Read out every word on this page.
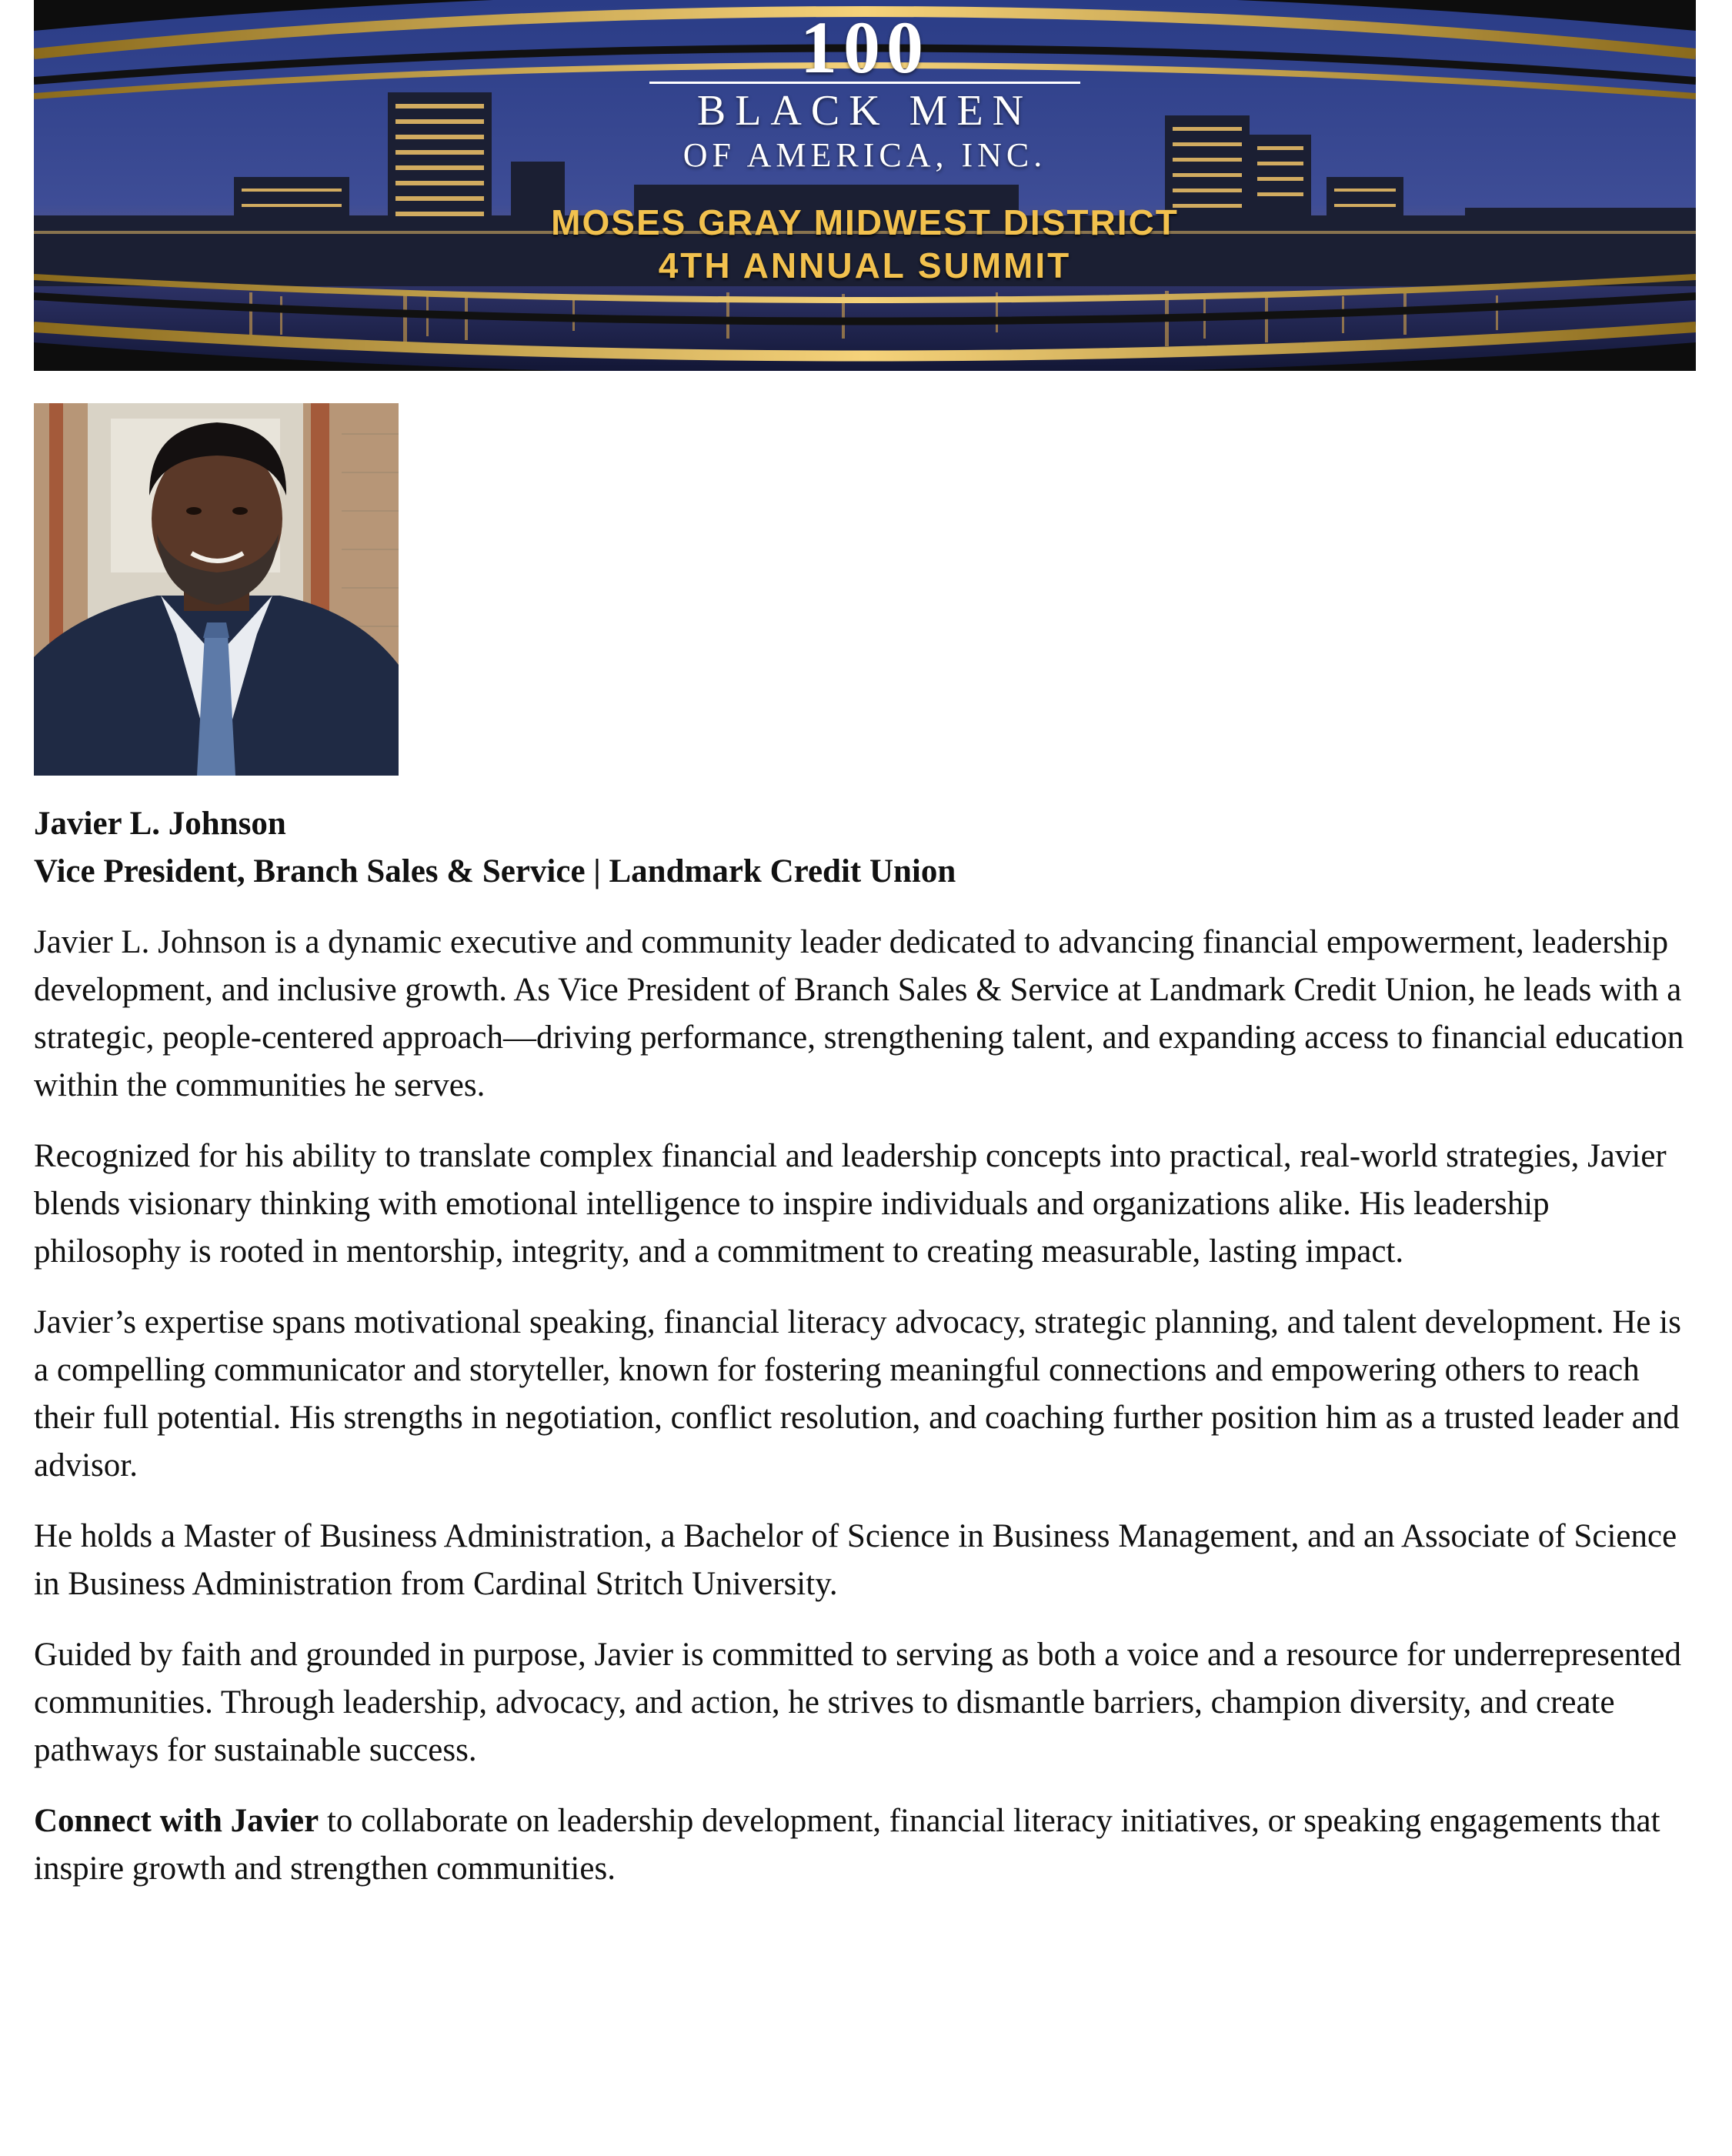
100
BLACK MEN
OF AMERICA, INC.
MOSES GRAY MIDWEST DISTRICT
4TH ANNUAL SUMMIT

Javier L. Johnson

Vice President, Branch Sales & Service | Landmark Credit Union

Javier L. Johnson is a dynamic executive and community leader dedicated to advancing financial empowerment, leadership development, and inclusive growth. As Vice President of Branch Sales & Service at Landmark Credit Union, he leads with a strategic, people-centered approach—driving performance, strengthening talent, and expanding access to financial education within the communities he serves.

Recognized for his ability to translate complex financial and leadership concepts into practical, real-world strategies, Javier blends visionary thinking with emotional intelligence to inspire individuals and organizations alike. His leadership philosophy is rooted in mentorship, integrity, and a commitment to creating measurable, lasting impact.

Javier’s expertise spans motivational speaking, financial literacy advocacy, strategic planning, and talent development. He is a compelling communicator and storyteller, known for fostering meaningful connections and empowering others to reach their full potential. His strengths in negotiation, conflict resolution, and coaching further position him as a trusted leader and advisor.

He holds a Master of Business Administration, a Bachelor of Science in Business Management, and an Associate of Science in Business Administration from Cardinal Stritch University.

Guided by faith and grounded in purpose, Javier is committed to serving as both a voice and a resource for underrepresented communities. Through leadership, advocacy, and action, he strives to dismantle barriers, champion diversity, and create pathways for sustainable success.

Connect with Javier to collaborate on leadership development, financial literacy initiatives, or speaking engagements that inspire growth and strengthen communities.
